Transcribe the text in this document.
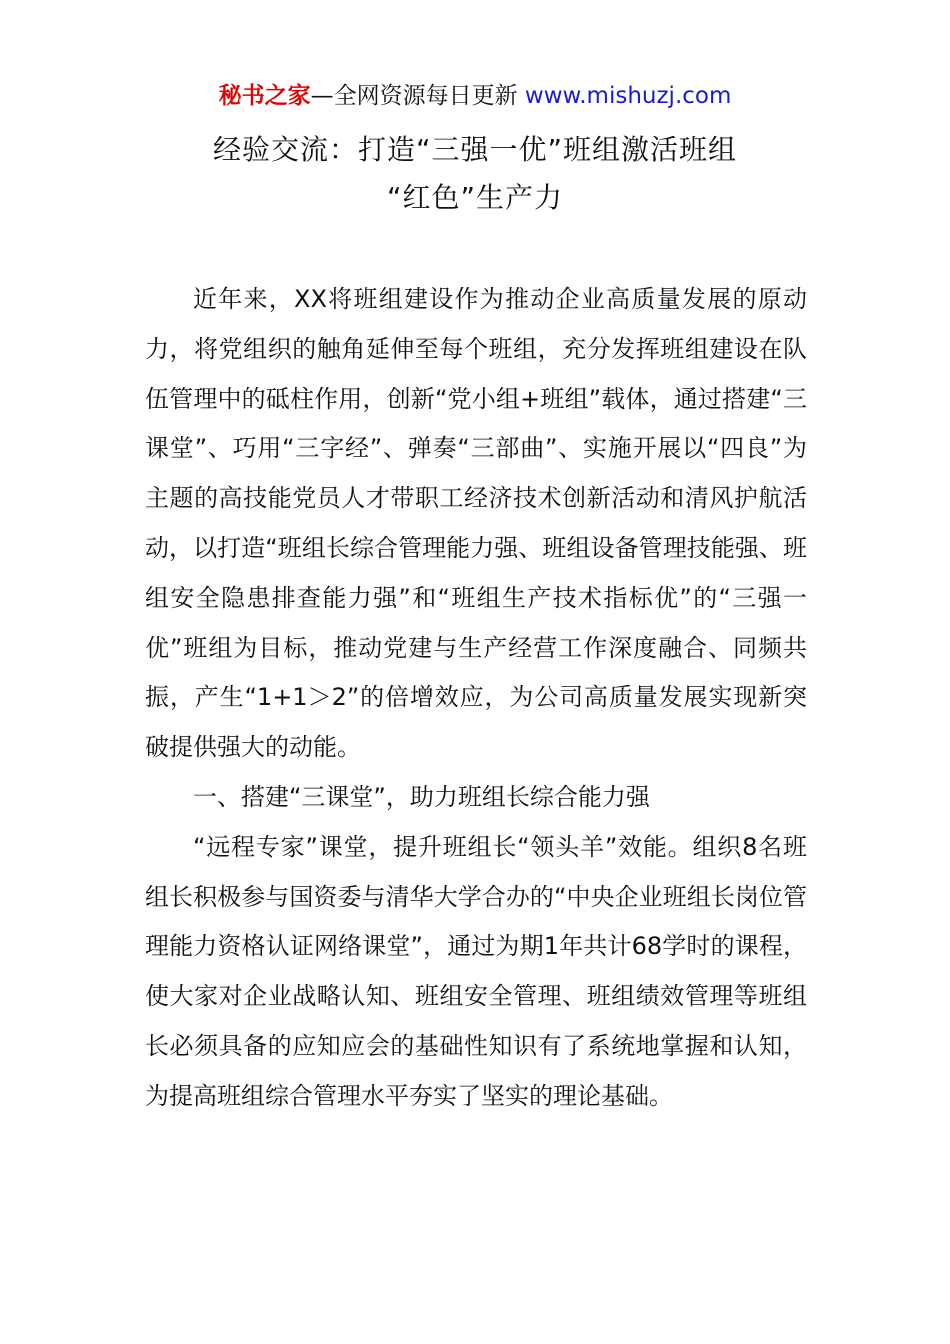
秘书之家—全网资源每日更新 www.mishuzj.com
经验交流：打造“三强一优”班组激活班组
“红色”生产力

近年来，XX将班组建设作为推动企业高质量发展的原动力，将党组织的触角延伸至每个班组，充分发挥班组建设在队伍管理中的砥柱作用，创新“党小组+班组”载体，通过搭建“三课堂”、巧用“三字经”、弹奏“三部曲”、实施开展以“四良”为主题的高技能党员人才带职工经济技术创新活动和清风护航活动，以打造“班组长综合管理能力强、班组设备管理技能强、班组安全隐患排查能力强”和“班组生产技术指标优”的“三强一优”班组为目标，推动党建与生产经营工作深度融合、同频共振，产生“1+1＞2”的倍增效应，为公司高质量发展实现新突破提供强大的动能。

一、搭建“三课堂”，助力班组长综合能力强

“远程专家”课堂，提升班组长“领头羊”效能。组织8名班组长积极参与国资委与清华大学合办的“中央企业班组长岗位管理能力资格认证网络课堂”，通过为期1年共计68学时的课程，使大家对企业战略认知、班组安全管理、班组绩效管理等班组长必须具备的应知应会的基础性知识有了系统地掌握和认知，为提高班组综合管理水平夯实了坚实的理论基础。
